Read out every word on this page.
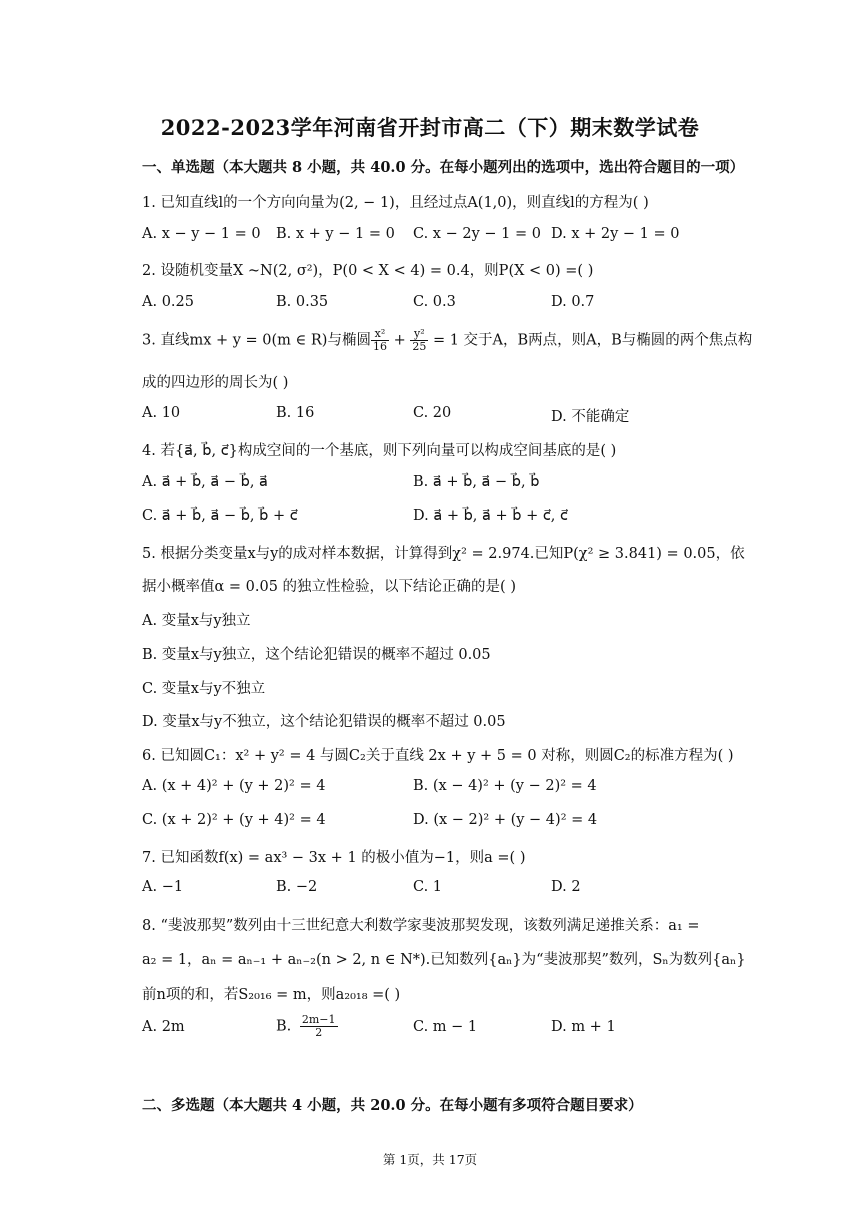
2022-2023学年河南省开封市高二（下）期末数学试卷
一、单选题（本大题共 8 小题，共 40.0 分。在每小题列出的选项中，选出符合题目的一项）
1. 已知直线l的一个方向向量为(2, − 1)，且经过点A(1,0)，则直线l的方程为( )
A. x − y − 1 = 0 B. x + y − 1 = 0 C. x − 2y − 1 = 0 D. x + 2y − 1 = 0
2. 设随机变量X ~N(2, σ²)，P(0 < X < 4) = 0.4，则P(X < 0) =( )
A. 0.25	B. 0.35	C. 0.3	D. 0.7
3. 直线mx + y = 0(m ∈ R)与椭圆 $\frac{\text{x²}}{16} + \frac{\text{y²}}{25} = 1$ 交于A，B两点，则A，B与椭圆的两个焦点构
成的四边形的周长为( )
A. 10	B. 16	C. 20	D. 不能确定
4. 若{a⃗, b⃗, c⃗}构成空间的一个基底，则下列向量可以构成空间基底的是( )
A. a⃗ + b⃗, a⃗ − b⃗, a⃗	B. a⃗ + b⃗, a⃗ − b⃗, b⃗
C. a⃗ + b⃗, a⃗ − b⃗, b⃗ + c⃗	D. a⃗ + b⃗, a⃗ + b⃗ + c⃗, c⃗
5. 根据分类变量x与y的成对样本数据，计算得到χ² = 2.974.已知P(χ² ≥ 3.841) = 0.05，依
据小概率值α = 0.05 的独立性检验，以下结论正确的是( )
A. 变量x与y独立
B. 变量x与y独立，这个结论犯错误的概率不超过 0.05
C. 变量x与y不独立
D. 变量x与y不独立，这个结论犯错误的概率不超过 0.05
6. 已知圆C₁：x² + y² = 4 与圆C₂关于直线 2x + y + 5 = 0 对称，则圆C₂的标准方程为( )
A. (x + 4)² + (y + 2)² = 4	B. (x − 4)² + (y − 2)² = 4
C. (x + 2)² + (y + 4)² = 4	D. (x − 2)² + (y − 4)² = 4
7. 已知函数f(x) = ax³ − 3x + 1 的极小值为−1，则a =( )
A. −1	B. −2	C. 1	D. 2
8. “斐波那契”数列由十三世纪意大利数学家斐波那契发现，该数列满足递推关系：a₁ =
a₂ = 1，aₙ = aₙ₋₁ + aₙ₋₂(n > 2, n ∈ N*).已知数列{aₙ}为“斐波那契”数列，Sₙ为数列{aₙ}
前n项的和，若S₂₀₁₆ = m，则a₂₀₁₈ =( )
A. 2m	B. $\frac{2m-1}{2}$	C. m − 1	D. m + 1
二、多选题（本大题共 4 小题，共 20.0 分。在每小题有多项符合题目要求）
第 1页，共 17页
